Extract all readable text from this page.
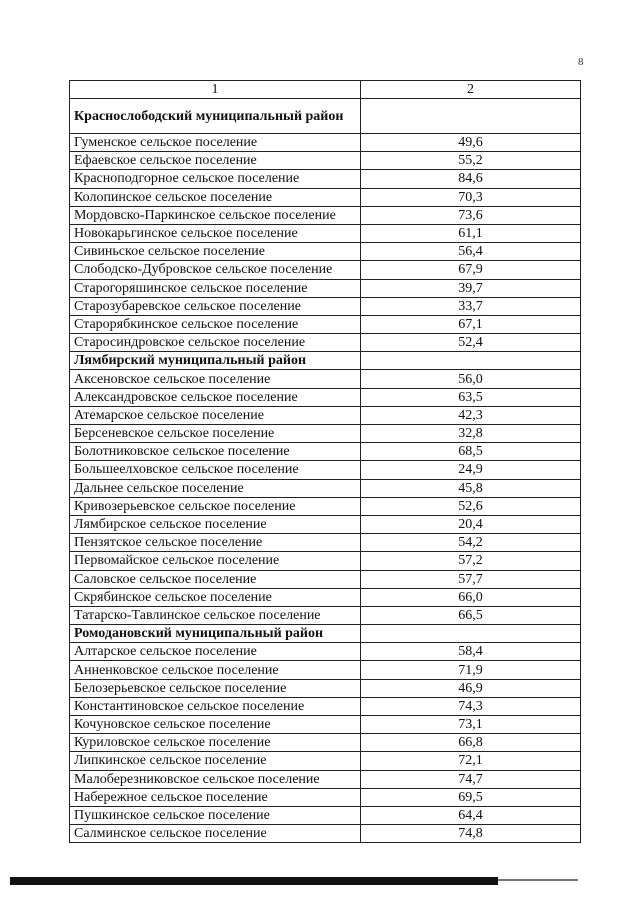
8
1	2
Краснослободский муниципальный район	
Гуменское сельское поселение	49,6
Ефаевское сельское поселение	55,2
Красноподгорное сельское поселение	84,6
Колопинское сельское поселение	70,3
Мордовско-Паркинское сельское поселение	73,6
Новокарьгинское сельское поселение	61,1
Сивиньское сельское поселение	56,4
Слободско-Дубровское сельское поселение	67,9
Старогоряшинское сельское поселение	39,7
Старозубаревское сельское поселение	33,7
Старорябкинское сельское поселение	67,1
Старосиндровское сельское поселение	52,4
Лямбирский муниципальный район	
Аксеновское сельское поселение	56,0
Александровское сельское поселение	63,5
Атемарское сельское поселение	42,3
Берсеневское сельское поселение	32,8
Болотниковское сельское поселение	68,5
Большеелховское сельское поселение	24,9
Дальнее сельское поселение	45,8
Кривозерьевское сельское поселение	52,6
Лямбирское сельское поселение	20,4
Пензятское сельское поселение	54,2
Первомайское сельское поселение	57,2
Саловское сельское поселение	57,7
Скрябинское сельское поселение	66,0
Татарско-Тавлинское сельское поселение	66,5
Ромодановский муниципальный район	
Алтарское сельское поселение	58,4
Анненковское сельское поселение	71,9
Белозерьевское сельское поселение	46,9
Константиновское сельское поселение	74,3
Кочуновское сельское поселение	73,1
Куриловское сельское поселение	66,8
Липкинское сельское поселение	72,1
Малоберезниковское сельское поселение	74,7
Набережное сельское поселение	69,5
Пушкинское сельское поселение	64,4
Салминское сельское поселение	74,8
